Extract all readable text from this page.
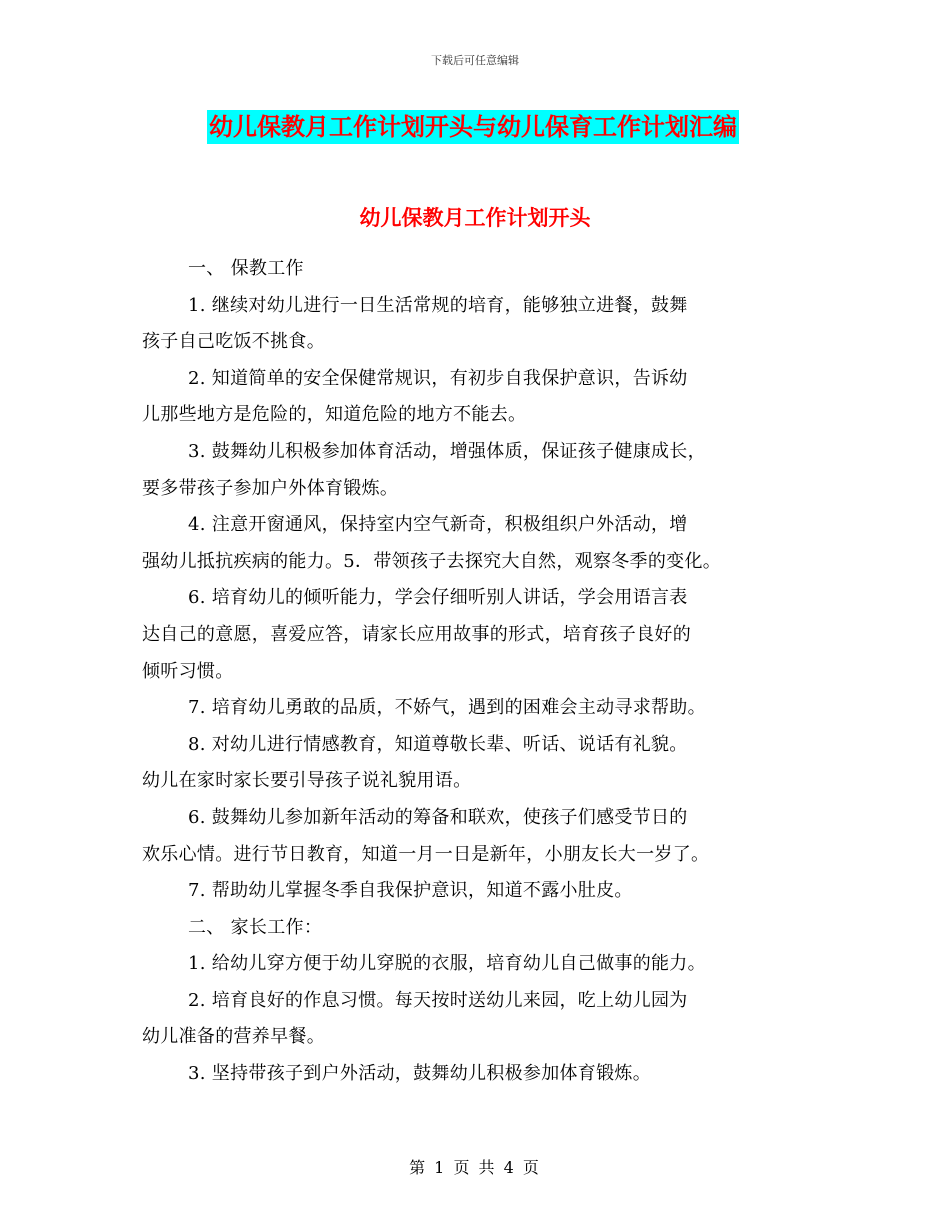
下载后可任意编辑
幼儿保教月工作计划开头与幼儿保育工作计划汇编
幼儿保教月工作计划开头

一、 保教工作

1. 继续对幼儿进行一日生活常规的培育，能够独立进餐，鼓舞

孩子自己吃饭不挑食。

2. 知道简单的安全保健常规识，有初步自我保护意识，告诉幼

儿那些地方是危险的，知道危险的地方不能去。

3. 鼓舞幼儿积极参加体育活动，增强体质，保证孩子健康成长，

要多带孩子参加户外体育锻炼。

4. 注意开窗通风，保持室内空气新奇，积极组织户外活动，增

强幼儿抵抗疾病的能力。5．带领孩子去探究大自然，观察冬季的变化。

6. 培育幼儿的倾听能力，学会仔细听别人讲话，学会用语言表

达自己的意愿，喜爱应答，请家长应用故事的形式，培育孩子良好的

倾听习惯。

7. 培育幼儿勇敢的品质，不娇气，遇到的困难会主动寻求帮助。

8. 对幼儿进行情感教育，知道尊敬长辈、听话、说话有礼貌。

幼儿在家时家长要引导孩子说礼貌用语。

6. 鼓舞幼儿参加新年活动的筹备和联欢，使孩子们感受节日的

欢乐心情。进行节日教育，知道一月一日是新年，小朋友长大一岁了。

7. 帮助幼儿掌握冬季自我保护意识，知道不露小肚皮。

二、 家长工作：

1. 给幼儿穿方便于幼儿穿脱的衣服，培育幼儿自己做事的能力。

2. 培育良好的作息习惯。每天按时送幼儿来园，吃上幼儿园为

幼儿准备的营养早餐。

3. 坚持带孩子到户外活动，鼓舞幼儿积极参加体育锻炼。

第 1 页 共 4 页
